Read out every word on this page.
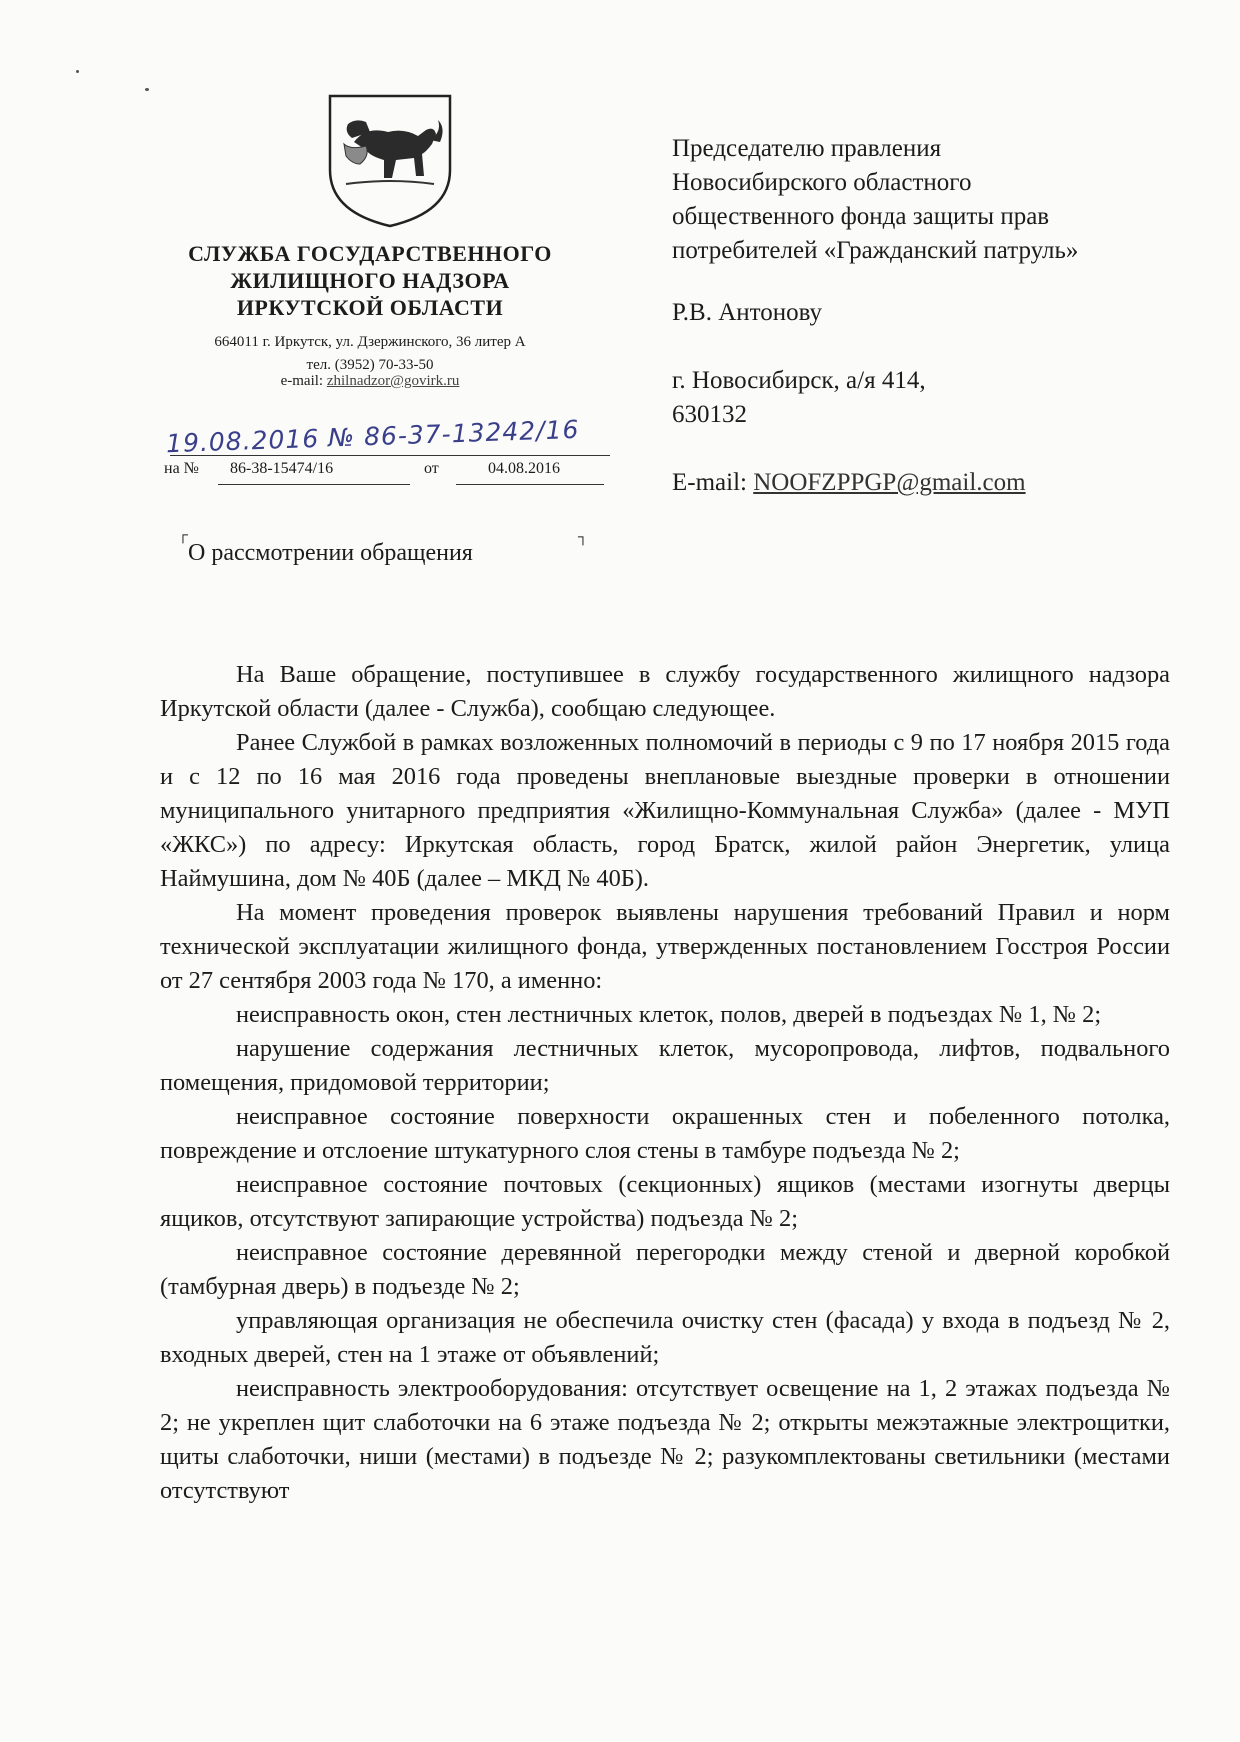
СЛУЖБА ГОСУДАРСТВЕННОГО
ЖИЛИЩНОГО НАДЗОРА
ИРКУТСКОЙ ОБЛАСТИ
664011 г. Иркутск, ул. Дзержинского, 36 литер А
тел. (3952) 70-33-50
e-mail: zhilnadzor@govirk.ru
19.08.2016 № 86-37-13242/16
на № 86-38-15474/16	от	04.08.2016
Председателю правления
Новосибирского областного
общественного фонда защиты прав
потребителей «Гражданский патруль»
Р.В. Антонову
г. Новосибирск, а/я 414,
630132
E-mail: NOOFZPPGP@gmail.com
┌	┐
О рассмотрении обращения

На Ваше обращение, поступившее в службу государственного жилищного надзора Иркутской области (далее - Служба), сообщаю следующее.

Ранее Службой в рамках возложенных полномочий в периоды с 9 по 17 ноября 2015 года и с 12 по 16 мая 2016 года проведены внеплановые выездные проверки в отношении муниципального унитарного предприятия «Жилищно-Коммунальная Служба» (далее - МУП «ЖКС») по адресу: Иркутская область, город Братск, жилой район Энергетик, улица Наймушина, дом № 40Б (далее – МКД № 40Б).

На момент проведения проверок выявлены нарушения требований Правил и норм технической эксплуатации жилищного фонда, утвержденных постановлением Госстроя России от 27 сентября 2003 года № 170, а именно:

неисправность окон, стен лестничных клеток, полов, дверей в подъездах № 1, № 2;

нарушение содержания лестничных клеток, мусоропровода, лифтов, подвального помещения, придомовой территории;

неисправное состояние поверхности окрашенных стен и побеленного потолка, повреждение и отслоение штукатурного слоя стены в тамбуре подъезда № 2;

неисправное состояние почтовых (секционных) ящиков (местами изогнуты дверцы ящиков, отсутствуют запирающие устройства) подъезда № 2;

неисправное состояние деревянной перегородки между стеной и дверной коробкой (тамбурная дверь) в подъезде № 2;

управляющая организация не обеспечила очистку стен (фасада) у входа в подъезд № 2, входных дверей, стен на 1 этаже от объявлений;

неисправность электрооборудования: отсутствует освещение на 1, 2 этажах подъезда № 2; не укреплен щит слаботочки на 6 этаже подъезда № 2; открыты межэтажные электрощитки, щиты слаботочки, ниши (местами) в подъезде № 2; разукомплектованы светильники (местами отсутствуют
